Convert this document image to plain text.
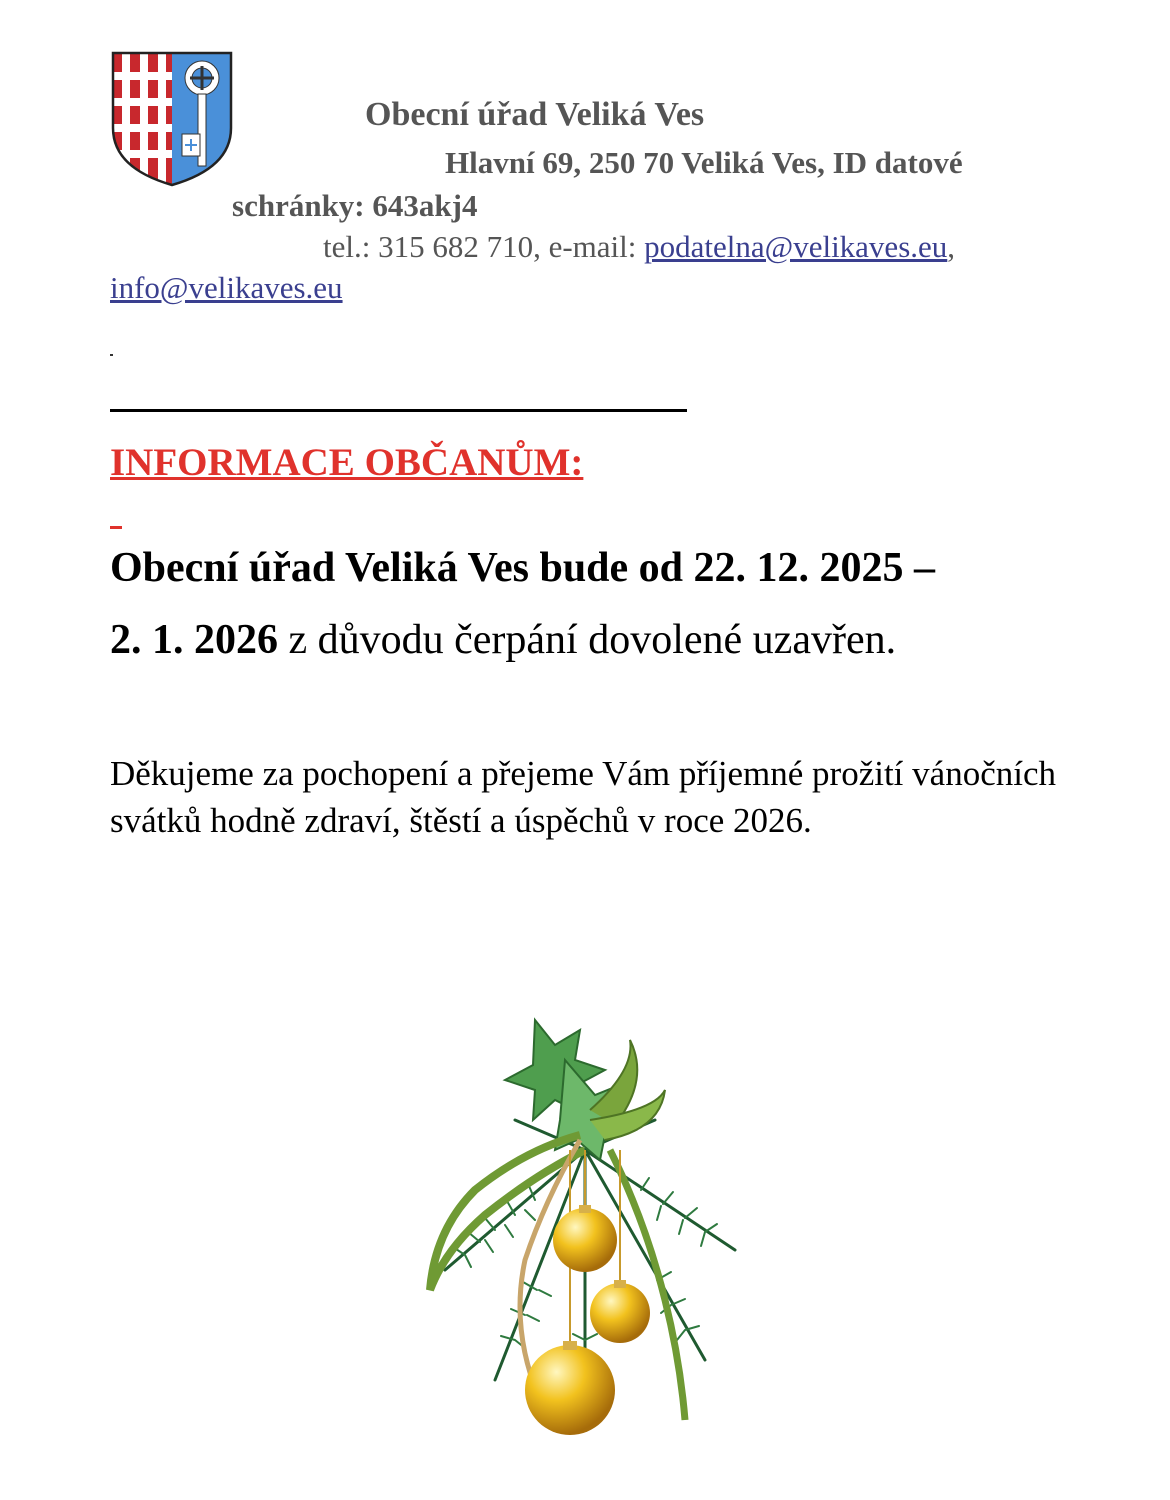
Obecní úřad Veliká Ves
Hlavní 69, 250 70 Veliká Ves, ID datové
schránky: 643akj4
tel.: 315 682 710, e-mail: podatelna@velikaves.eu,
info@velikaves.eu
INFORMACE OBČANŮM:
Obecní úřad Veliká Ves bude od 22. 12. 2025 –
2. 1. 2026 z důvodu čerpání dovolené uzavřen.
Děkujeme za pochopení a přejeme Vám příjemné prožití vánočních svátků hodně zdraví, štěstí a úspěchů v roce 2026.
